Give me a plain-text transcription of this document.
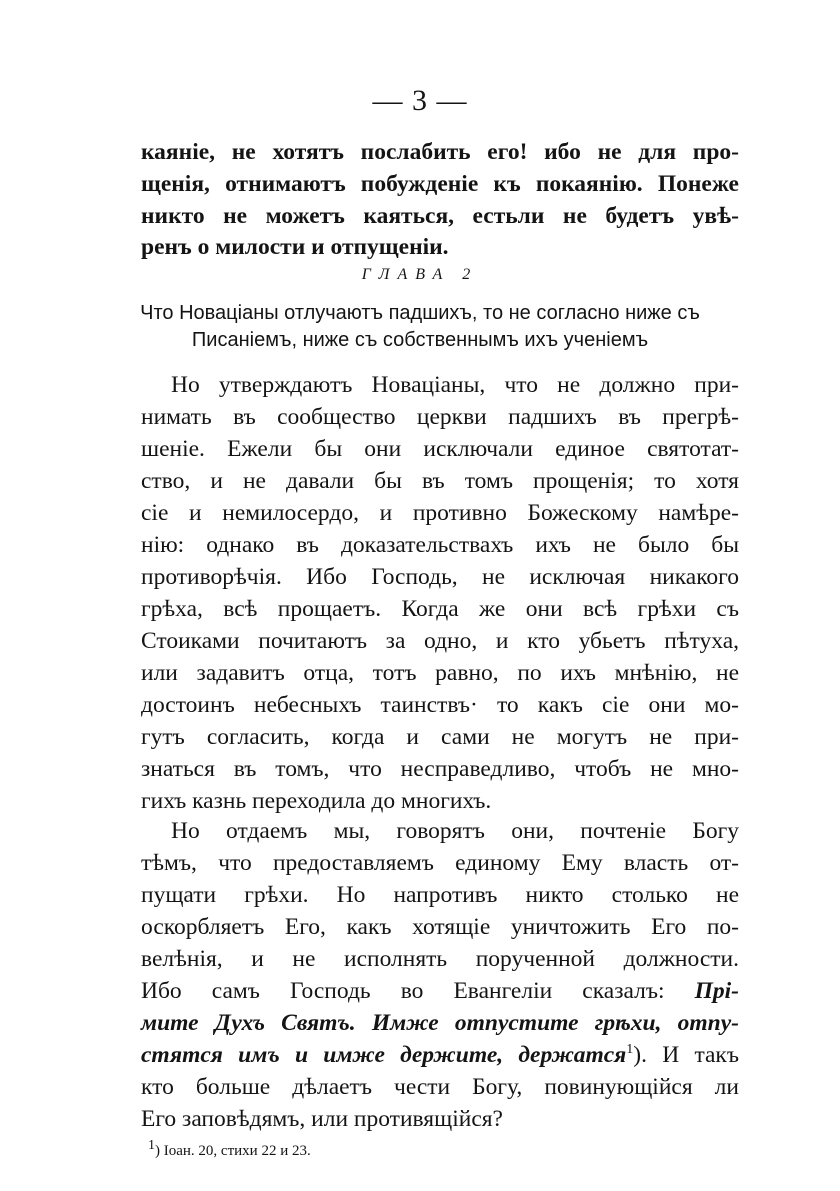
— 3 —
каяніе, не хотятъ послабить его! ибо не для про-
щенія, отнимаютъ побужденіе къ покаянію. Понеже
никто не можетъ каяться, естьли не будетъ увѣ-
ренъ о милости и отпущеніи.
ГЛАВА 2
Что Новаціаны отлучаютъ падшихъ, то не согласно ниже съ
Писаніемъ, ниже съ собственнымъ ихъ ученіемъ
Но утверждаютъ Новаціаны, что не должно при-
нимать въ сообщество церкви падшихъ въ прегрѣ-
шеніе. Ежели бы они исключали единое святотат-
ство, и не давали бы въ томъ прощенія; то хотя
сіе и немилосердо, и противно Божескому намѣре-
нію: однако въ доказательствахъ ихъ не было бы
противорѣчія. Ибо Господь, не исключая никакого
грѣха, всѣ прощаетъ. Когда же они всѣ грѣхи съ
Стоиками почитаютъ за одно, и кто убьетъ пѣтуха,
или задавитъ отца, тотъ равно, по ихъ мнѣнію, не
достоинъ небесныхъ таинствъ· то какъ сіе они мо-
гутъ согласить, когда и сами не могутъ не при-
знаться въ томъ, что несправедливо, чтобъ не мно-
гихъ казнь переходила до многихъ.
Но отдаемъ мы, говорятъ они, почтеніе Богу
тѣмъ, что предоставляемъ единому Ему власть от-
пущати грѣхи. Но напротивъ никто столько не
оскорбляетъ Его, какъ хотящіе уничтожить Его по-
велѣнія, и не исполнять порученной должности.
Ибо самъ Господь во Евангеліи сказалъ: Прі-
мите Духъ Святъ. Имже отпустите грѣхи, отпу-
стятся имъ и имже держите, держатся$^1$). И такъ
кто больше дѣлаетъ чести Богу, повинующійся ли
Его заповѣдямъ, или противящійся?
$^1$) Іоан. 20, стихи 22 и 23.
